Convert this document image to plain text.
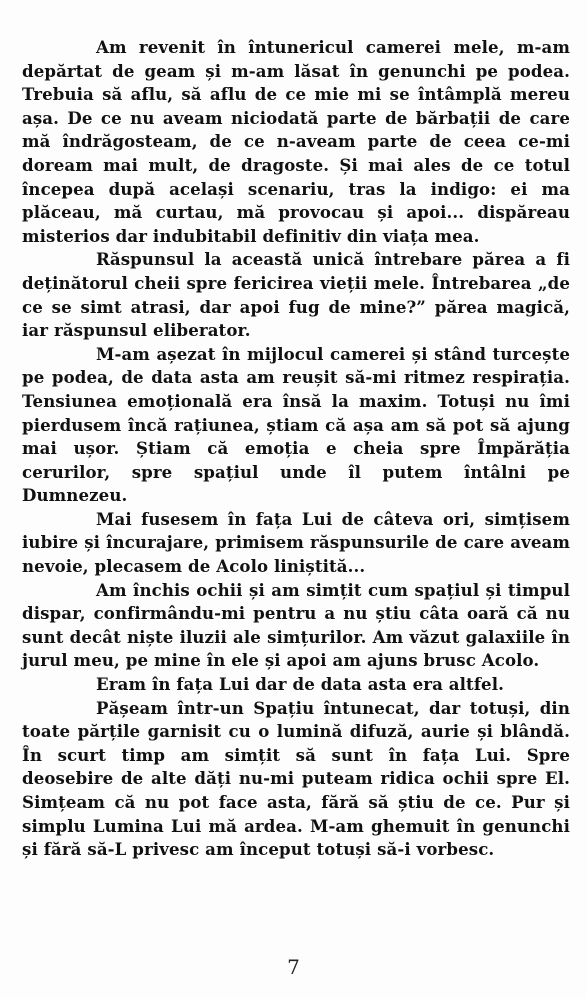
Am revenit în întunericul camerei mele, m-am depărtat de geam și m-am lăsat în genunchi pe podea. Trebuia să aflu, să aflu de ce mie mi se întâmplă mereu așa. De ce nu aveam niciodată parte de bărbații de care mă îndrăgosteam, de ce n-aveam parte de ceea ce-mi doream mai mult, de dragoste. Și mai ales de ce totul începea după același scenariu, tras la indigo: ei ma plăceau, mă curtau, mă provocau și apoi... dispăreau misterios dar indubitabil definitiv din viața mea.

Răspunsul la această unică întrebare părea a fi deținătorul cheii spre fericirea vieții mele. Întrebarea „de ce se simt atrasi, dar apoi fug de mine?” părea magică, iar răspunsul eliberator.

M-am așezat în mijlocul camerei și stând turcește pe podea, de data asta am reușit să-mi ritmez respirația. Tensiunea emoțională era însă la maxim. Totuși nu îmi pierdusem încă rațiunea, știam că așa am să pot să ajung mai ușor. Știam că emoția e cheia spre Împărăția cerurilor, spre spațiul unde îl putem întâlni pe Dumnezeu.

Mai fusesem în fața Lui de câteva ori, simțisem iubire și încurajare, primisem răspunsurile de care aveam nevoie, plecasem de Acolo liniștită...

Am închis ochii și am simțit cum spațiul și timpul dispar, confirmându-mi pentru a nu știu câta oară că nu sunt decât niște iluzii ale simțurilor. Am văzut galaxiile în jurul meu, pe mine în ele și apoi am ajuns brusc Acolo.

Eram în fața Lui dar de data asta era altfel.

Pășeam într-un Spațiu întunecat, dar totuși, din toate părțile garnisit cu o lumină difuză, aurie și blândă. În scurt timp am simțit să sunt în fața Lui. Spre deosebire de alte dăți nu-mi puteam ridica ochii spre El. Simțeam că nu pot face asta, fără să știu de ce. Pur și simplu Lumina Lui mă ardea. M-am ghemuit în genunchi și fără să-L privesc am început totuși să-i vorbesc.

7
